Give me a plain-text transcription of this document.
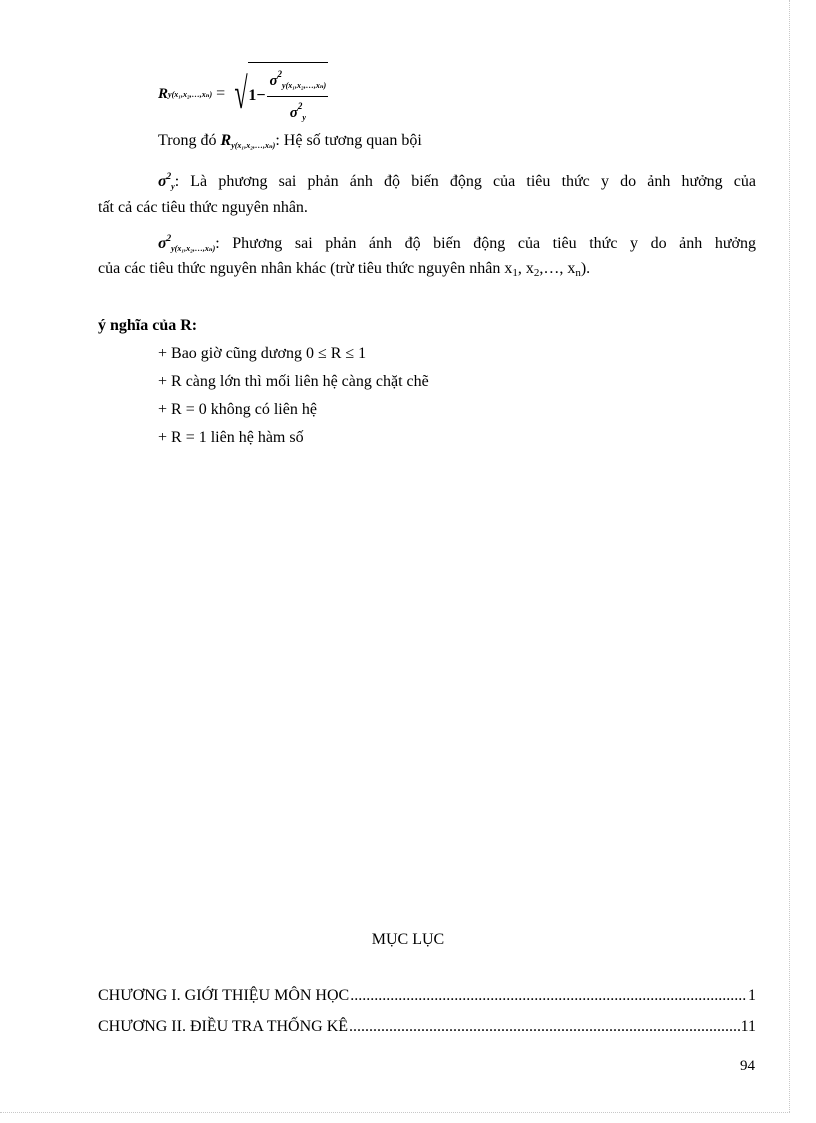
R y(x₁,x₂,…,xₙ) = √ $1- \frac{\sigma^2y(x_1,x_2,\dots,x_n)}{\sigma^2y}$
Trong đó Ry(x₁,x₂,…,xₙ): Hệ số tương quan bội
$\sigma^2y$: Là phương sai phản ánh độ biến động của tiêu thức y do ảnh hưởng của
tất cả các tiêu thức nguyên nhân.
$\sigma^2y(x_1,x_2,\dots,x_n)$: Phương sai phản ánh độ biến động của tiêu thức y do ảnh hưởng
của các tiêu thức nguyên nhân khác (trừ tiêu thức nguyên nhân $x_1$, $x_2,\dots$, $x_n$).
ý nghĩa của R:
+ Bao giờ cũng dương 0 ≤ R ≤ 1
+ R càng lớn thì mối liên hệ càng chặt chẽ
+ R = 0 không có liên hệ
+ R = 1 liên hệ hàm số
MỤC LỤC
CHƯƠNG I. GIỚI THIỆU MÔN HỌC .....	1
CHƯƠNG II. ĐIỀU TRA THỐNG KÊ .....	11
94
